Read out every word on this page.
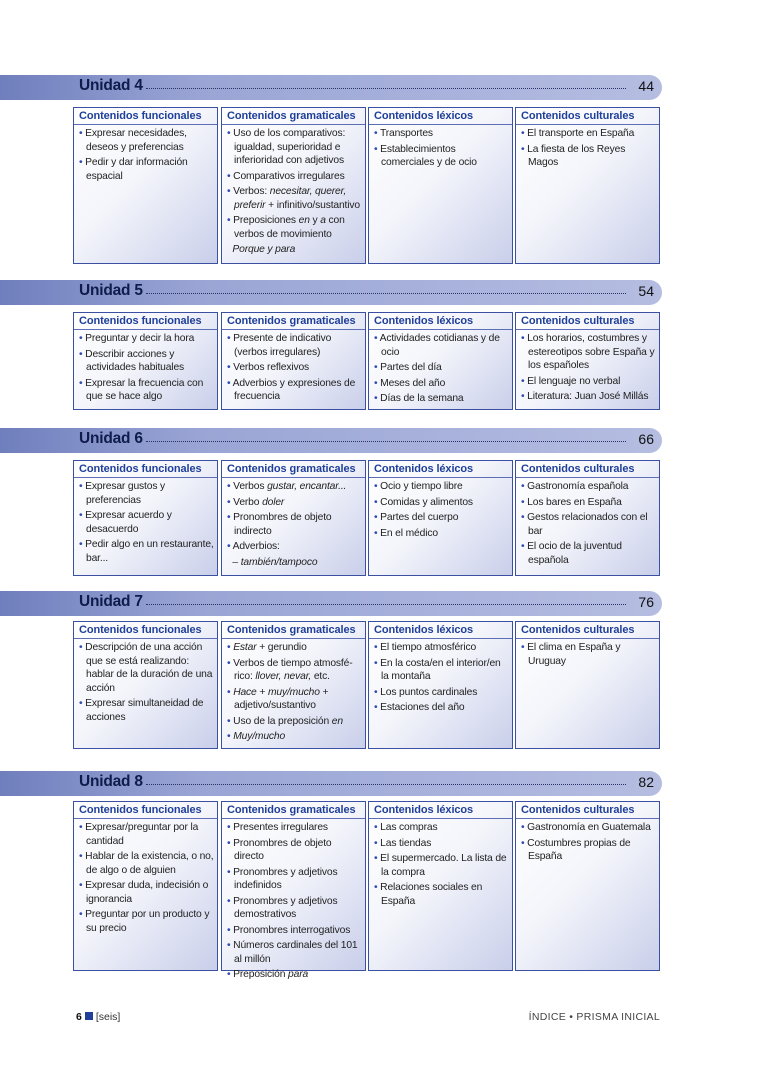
Unidad 4	44
Unidad 5	54
Unidad 6	66
Unidad 7	76
Unidad 8	82
6 [seis]	ÍNDICE • PRISMA INICIAL
Contenidos funcionales
• Expresar necesidades, deseos y preferencias
• Pedir y dar información espacial
Contenidos gramaticales
• Uso de los comparativos: igualdad, superioridad e inferioridad con adjetivos
• Comparativos irregulares
• Verbos: necesitar, querer, preferir + infinitivo/sustantivo
• Preposiciones en y a con verbos de movimiento
Porque y para
Contenidos léxicos
• Transportes
• Establecimientos comerciales y de ocio
Contenidos culturales
• El transporte en España
• La fiesta de los Reyes Magos
Contenidos funcionales
• Preguntar y decir la hora
• Describir acciones y actividades habituales
• Expresar la frecuencia con que se hace algo
Contenidos gramaticales
• Presente de indicativo (verbos irregulares)
• Verbos reflexivos
• Adverbios y expresiones de frecuencia
Contenidos léxicos
• Actividades cotidianas y de ocio
• Partes del día
• Meses del año
• Días de la semana
Contenidos culturales
• Los horarios, costumbres y estereotipos sobre España y los españoles
• El lenguaje no verbal
• Literatura: Juan José Millás
Contenidos funcionales
• Expresar gustos y preferencias
• Expresar acuerdo y desacuerdo
• Pedir algo en un restaurante, bar...
Contenidos gramaticales
• Verbos gustar, encantar...
• Verbo doler
• Pronombres de objeto indirecto
• Adverbios:
– también/tampoco
Contenidos léxicos
• Ocio y tiempo libre
• Comidas y alimentos
• Partes del cuerpo
• En el médico
Contenidos culturales
• Gastronomía española
• Los bares en España
• Gestos relacionados con el bar
• El ocio de la juventud española
Contenidos funcionales
• Descripción de una acción que se está realizando: hablar de la duración de una acción
• Expresar simultaneidad de acciones
Contenidos gramaticales
• Estar + gerundio
• Verbos de tiempo atmosfé-rico: llover, nevar, etc.
• Hace + muy/mucho + adjetivo/sustantivo
• Uso de la preposición en
• Muy/mucho
Contenidos léxicos
• El tiempo atmosférico
• En la costa/en el interior/en la montaña
• Los puntos cardinales
• Estaciones del año
Contenidos culturales
• El clima en España y Uruguay
Contenidos funcionales
• Expresar/preguntar por la cantidad
• Hablar de la existencia, o no, de algo o de alguien
• Expresar duda, indecisión o ignorancia
• Preguntar por un producto y su precio
Contenidos gramaticales
• Presentes irregulares
• Pronombres de objeto directo
• Pronombres y adjetivos indefinidos
• Pronombres y adjetivos demostrativos
• Pronombres interrogativos
• Números cardinales del 101 al millón
• Preposición para
Contenidos léxicos
• Las compras
• Las tiendas
• El supermercado. La lista de la compra
• Relaciones sociales en España
Contenidos culturales
• Gastronomía en Guatemala
• Costumbres propias de España
